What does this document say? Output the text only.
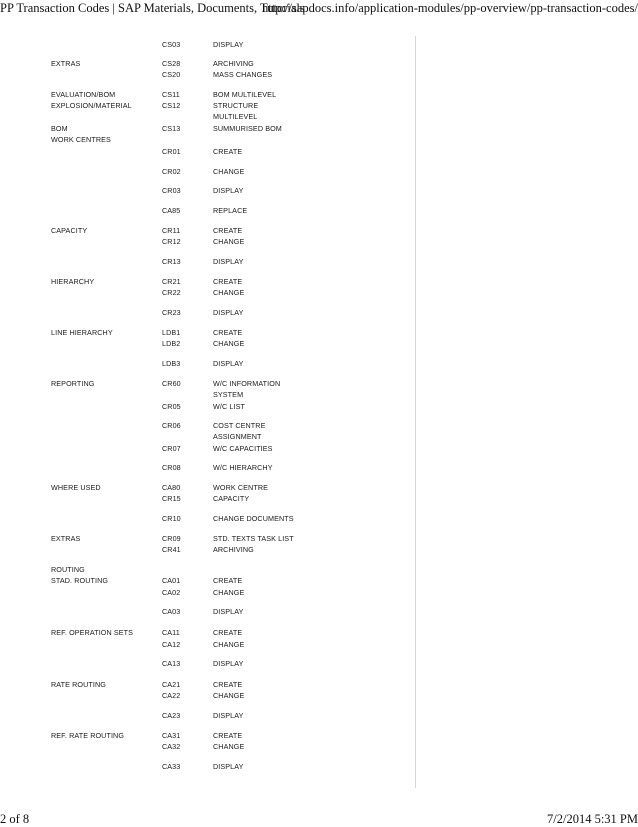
PP Transaction Codes | SAP Materials, Documents, Tutorials
http://sapdocs.info/application-modules/pp-overview/pp-transaction-codes/
CS03	DISPLAY
EXTRAS	CS28	ARCHIVING
CS20	MASS CHANGES
EVALUATION/BOM	CS11	BOM MULTILEVEL
EXPLOSION/MATERIAL	CS12	STRUCTURE
MULTILEVEL
BOM	CS13	SUMMURISED BOM
WORK CENTRES
CR01	CREATE
CR02	CHANGE
CR03	DISPLAY
CA85	REPLACE
CAPACITY	CR11	CREATE
CR12	CHANGE
CR13	DISPLAY
HIERARCHY	CR21	CREATE
CR22	CHANGE
CR23	DISPLAY
LINE HIERARCHY	LDB1	CREATE
LDB2	CHANGE
LDB3	DISPLAY
REPORTING	CR60	W/C INFORMATION
SYSTEM
CR05	W/C LIST
CR06	COST CENTRE
ASSIGNMENT
CR07	W/C CAPACITIES
CR08	W/C HIERARCHY
WHERE USED	CA80	WORK CENTRE
CR15	CAPACITY
CR10	CHANGE DOCUMENTS
EXTRAS	CR09	STD. TEXTS TASK LIST
CR41	ARCHIVING
ROUTING
STAD. ROUTING	CA01	CREATE
CA02	CHANGE
CA03	DISPLAY
REF. OPERATION SETS	CA11	CREATE
CA12	CHANGE
CA13	DISPLAY
RATE ROUTING	CA21	CREATE
CA22	CHANGE
CA23	DISPLAY
REF. RATE ROUTING	CA31	CREATE
CA32	CHANGE
CA33	DISPLAY
2 of 8	7/2/2014 5:31 PM
